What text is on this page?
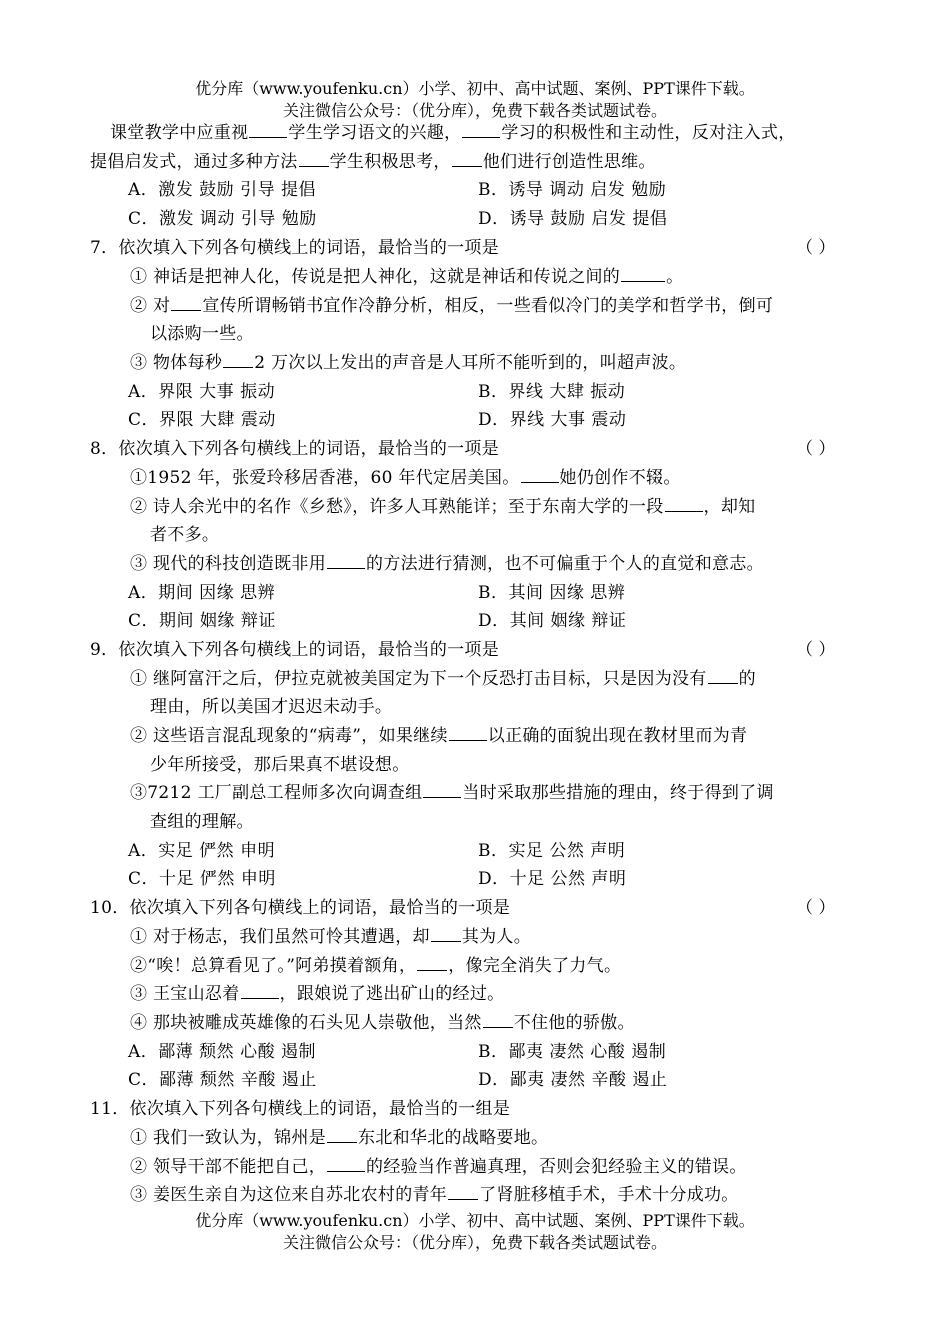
优分库（www.youfenku.cn）小学、初中、高中试题、案例、PPT课件下载。
关注微信公众号：（优分库），免费下载各类试题试卷。
课堂教学中应重视 学生学习语文的兴趣， 学习的积极性和主动性，反对注入式，
提倡启发式，通过多种方法 学生积极思考， 他们进行创造性思维。
A．激发 鼓励 引导 提倡	B．诱导 调动 启发 勉励
C．激发 调动 引导 勉励	D．诱导 鼓励 启发 提倡
7．依次填入下列各句横线上的词语，最恰当的一项是	（ ）
① 神话是把神人化，传说是把人神化，这就是神话和传说之间的	。
② 对 宣传所谓畅销书宜作冷静分析，相反，一些看似冷门的美学和哲学书，倒可
以添购一些。
③ 物体每秒 2 万次以上发出的声音是人耳所不能听到的，叫超声波。
A．界限 大事 振动	B．界线 大肆 振动
C．界限 大肆 震动	D．界线 大事 震动
8．依次填入下列各句横线上的词语，最恰当的一项是	（ ）
①1952 年，张爱玲移居香港，60 年代定居美国。 她仍创作不辍。
② 诗人余光中的名作《乡愁》，许多人耳熟能详；至于东南大学的一段 ，却知
者不多。
③ 现代的科技创造既非用 的方法进行猜测，也不可偏重于个人的直觉和意志。
A．期间 因缘 思辨	B．其间 因缘 思辨
C．期间 姻缘 辩证	D．其间 姻缘 辩证
9．依次填入下列各句横线上的词语，最恰当的一项是	（ ）
① 继阿富汗之后，伊拉克就被美国定为下一个反恐打击目标，只是因为没有 的
理由，所以美国才迟迟未动手。
② 这些语言混乱现象的“病毒”，如果继续 以正确的面貌出现在教材里而为青
少年所接受，那后果真不堪设想。
③7212 工厂副总工程师多次向调查组 当时采取那些措施的理由，终于得到了调
查组的理解。
A．实足 俨然 申明	B．实足 公然 声明
C．十足 俨然 申明	D．十足 公然 声明
10．依次填入下列各句横线上的词语，最恰当的一项是	（ ）
① 对于杨志，我们虽然可怜其遭遇，却 其为人。
②“唉！总算看见了。”阿弟摸着额角， ，像完全消失了力气。
③ 王宝山忍着 ，跟娘说了逃出矿山的经过。
④ 那块被雕成英雄像的石头见人崇敬他，当然 不住他的骄傲。
A．鄙薄 颓然 心酸 遏制	B．鄙夷 凄然 心酸 遏制
C．鄙薄 颓然 辛酸 遏止	D．鄙夷 凄然 辛酸 遏止
11．依次填入下列各句横线上的词语，最恰当的一组是
① 我们一致认为，锦州是 东北和华北的战略要地。
② 领导干部不能把自己， 的经验当作普遍真理，否则会犯经验主义的错误。
③ 姜医生亲自为这位来自苏北农村的青年 了肾脏移植手术，手术十分成功。
优分库（www.youfenku.cn）小学、初中、高中试题、案例、PPT课件下载。
关注微信公众号：（优分库），免费下载各类试题试卷。
